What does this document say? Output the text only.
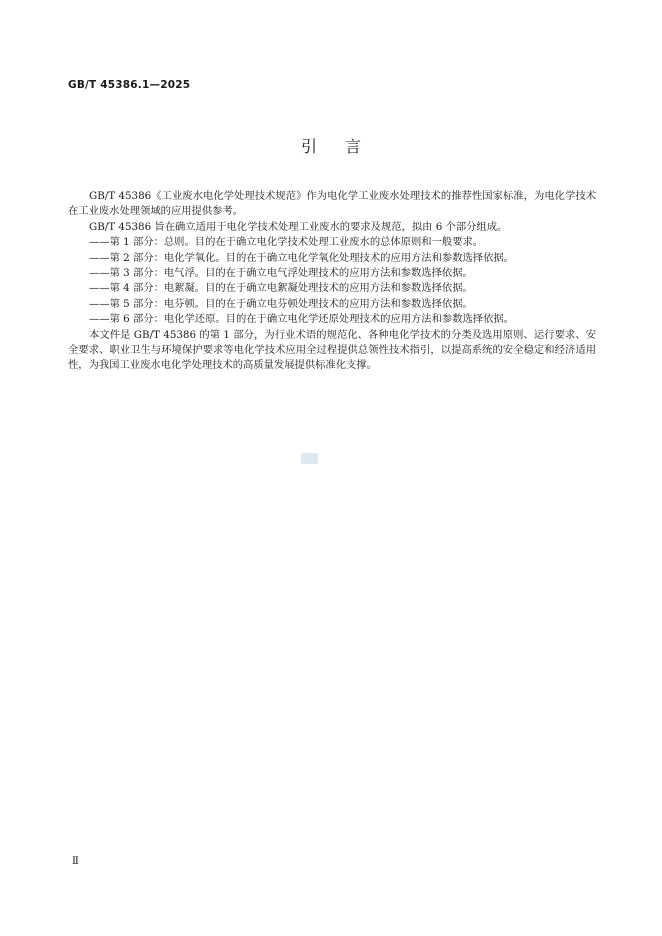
GB/T 45386.1—2025
引言

GB/T 45386《工业废水电化学处理技术规范》作为电化学工业废水处理技术的推荐性国家标准，为电化学技术在工业废水处理领域的应用提供参考。

GB/T 45386 旨在确立适用于电化学技术处理工业废水的要求及规范，拟由 6 个部分组成。

——第 1 部分：总则。目的在于确立电化学技术处理工业废水的总体原则和一般要求。

——第 2 部分：电化学氧化。目的在于确立电化学氧化处理技术的应用方法和参数选择依据。

——第 3 部分：电气浮。目的在于确立电气浮处理技术的应用方法和参数选择依据。

——第 4 部分：电絮凝。目的在于确立电絮凝处理技术的应用方法和参数选择依据。

——第 5 部分：电芬顿。目的在于确立电芬顿处理技术的应用方法和参数选择依据。

——第 6 部分：电化学还原。目的在于确立电化学还原处理技术的应用方法和参数选择依据。

本文件是 GB/T 45386 的第 1 部分，为行业术语的规范化、各种电化学技术的分类及选用原则、运行要求、安全要求、职业卫生与环境保护要求等电化学技术应用全过程提供总领性技术指引，以提高系统的安全稳定和经济适用性，为我国工业废水电化学处理技术的高质量发展提供标准化支撑。

Ⅱ
